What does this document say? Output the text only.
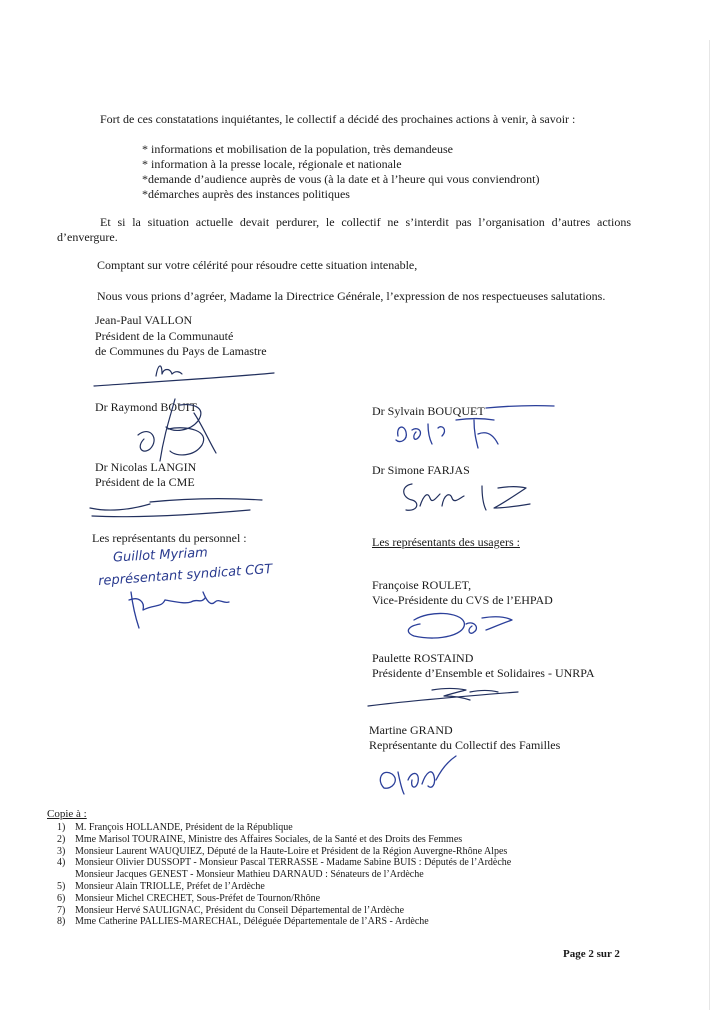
Fort de ces constatations inquiétantes, le collectif a décidé des prochaines actions à venir, à savoir :
* informations et mobilisation de la population, très demandeuse
* information à la presse locale, régionale et nationale
*demande d’audience auprès de vous (à la date et à l’heure qui vous conviendront)
*démarches auprès des instances politiques
Et si la situation actuelle devait perdurer, le collectif ne s’interdit pas l’organisation d’autres actions d’envergure.
Comptant sur votre célérité pour résoudre cette situation intenable,
Nous vous prions d’agréer, Madame la Directrice Générale, l’expression de nos respectueuses salutations.
Jean-Paul VALLON
Président de la Communauté
de Communes du Pays de Lamastre
Dr Raymond BOUIT	Dr Sylvain BOUQUET
Dr Nicolas LANGIN
Président de la CME
Dr Simone FARJAS
Les représentants du personnel :
Guillot Myriam
représentant syndicat CGT
Les représentants des usagers :
Françoise ROULET,
Vice-Présidente du CVS de l’EHPAD
Paulette ROSTAIND
Présidente d’Ensemble et Solidaires - UNRPA
Martine GRAND
Représentante du Collectif des Familles
Copie à :
1) M. François HOLLANDE, Président de la République
2) Mme Marisol TOURAINE, Ministre des Affaires Sociales, de la Santé et des Droits des Femmes
3) Monsieur Laurent WAUQUIEZ, Député de la Haute-Loire et Président de la Région Auvergne-Rhône Alpes
4) Monsieur Olivier DUSSOPT - Monsieur Pascal TERRASSE - Madame Sabine BUIS : Députés de l’Ardèche
Monsieur Jacques GENEST - Monsieur Mathieu DARNAUD : Sénateurs de l’Ardèche
5) Monsieur Alain TRIOLLE, Préfet de l’Ardèche
6) Monsieur Michel CRECHET, Sous-Préfet de Tournon/Rhône
7) Monsieur Hervé SAULIGNAC, Président du Conseil Départemental de l’Ardèche
8) Mme Catherine PALLIES-MARECHAL, Déléguée Départementale de l’ARS - Ardèche
Page 2 sur 2
